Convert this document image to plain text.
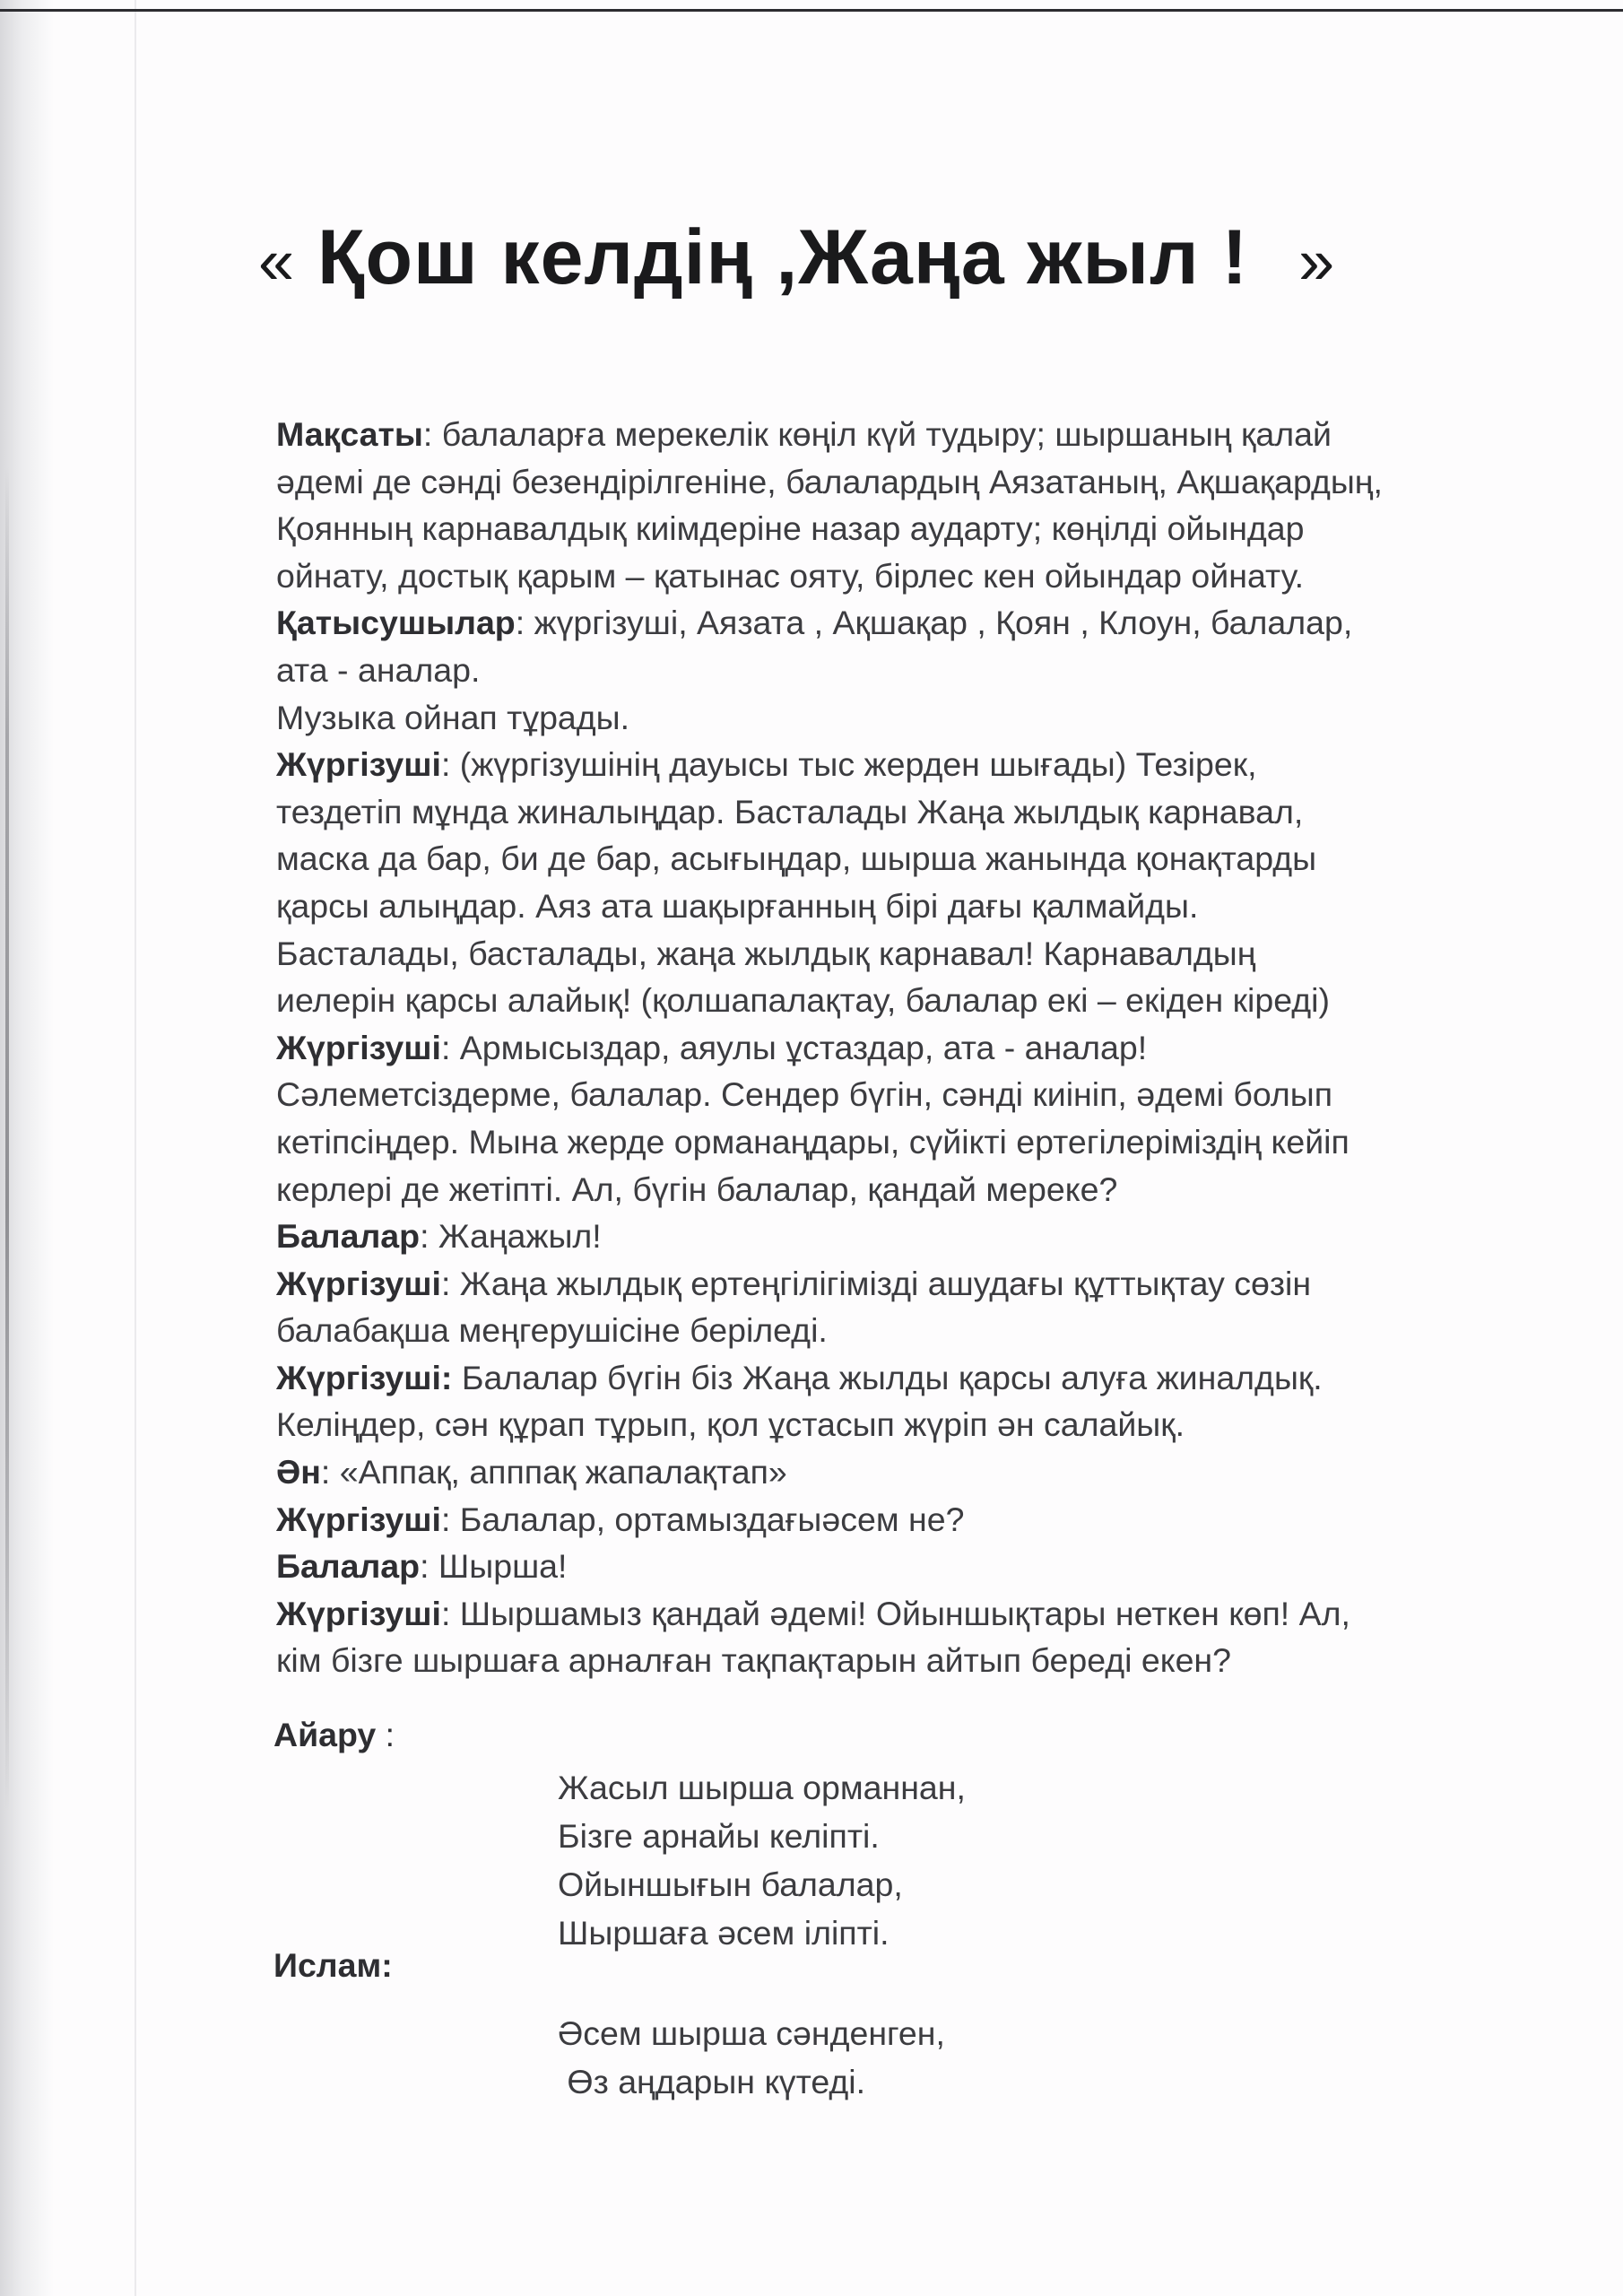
« Қош келдің ,Жаңа жыл ! »

Мақсаты: балаларға мерекелік көңіл күй тудыру; шыршаның қалай

әдемі де сәнді безендірілгеніне, балалардың Аязатаның, Ақшақардың,

Қоянның карнавалдық киімдеріне назар аударту; көңілді ойындар

ойнату, достық қарым – қатынас ояту, бірлес кен ойындар ойнату.

Қатысушылар: жүргізуші, Аязата , Ақшақар , Қоян , Клоун, балалар,

ата - аналар.

Музыка ойнап тұрады.

Жүргізуші: (жүргізушінің дауысы тыс жерден шығады) Тезірек,

тездетіп мұнда жиналыңдар. Басталады Жаңа жылдық карнавал,

маска да бар, би де бар, асығыңдар, шырша жанында қонақтарды

қарсы алыңдар. Аяз ата шақырғанның бірі дағы қалмайды.

Басталады, басталады, жаңа жылдық карнавал! Карнавалдың

иелерін қарсы алайық! (қолшапалақтау, балалар екі – екіден кіреді)

Жүргізуші: Армысыздар, аяулы ұстаздар, ата - аналар!

Сәлеметсіздерме, балалар. Сендер бүгін, сәнді киініп, әдемі болып

кетіпсіңдер. Мына жерде орманаңдары, сүйікті ертегілеріміздің кейіп

керлері де жетіпті. Ал, бүгін балалар, қандай мереке?

Балалар: Жаңажыл!

Жүргізуші: Жаңа жылдық ертеңгілігімізді ашудағы құттықтау сөзін

балабақша меңгерушісіне беріледі.

Жүргізуші: Балалар бүгін біз Жаңа жылды қарсы алуға жиналдық.

Келіңдер, сән құрап тұрып, қол ұстасып жүріп ән салайық.

Ән: «Аппақ, апппақ жапалақтап»

Жүргізуші: Балалар, ортамыздағыәсем не?

Балалар: Шырша!

Жүргізуші: Шыршамыз қандай әдемі! Ойыншықтары неткен көп! Ал,

кім бізге шыршаға арналған тақпақтарын айтып береді екен?

Айару :

Жасыл шырша орманнан,

Бізге арнайы келіпті.

Ойыншығын балалар,

Шыршаға әсем іліпті.

Ислам:

Әсем шырша сәнденген,

Өз аңдарын күтеді.
